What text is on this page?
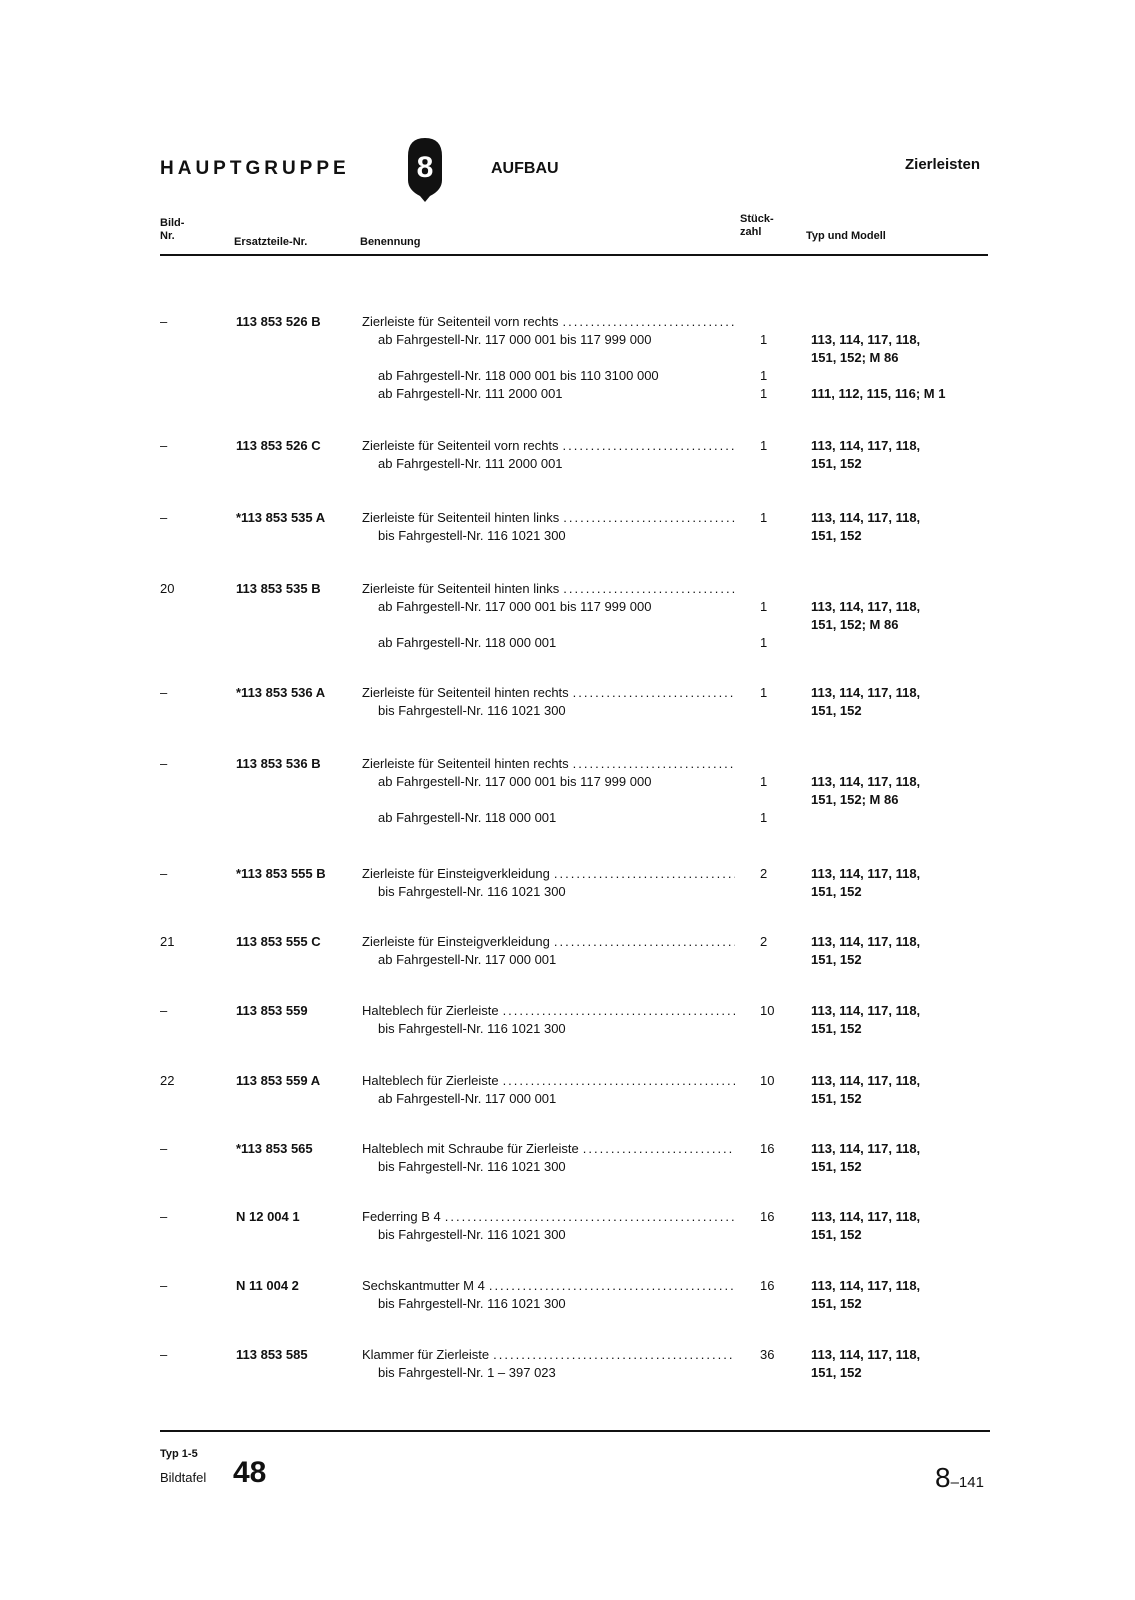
HAUPTGRUPPE 8	AUFBAU	Zierleisten
Bild-
Nr.	Ersatzteile-Nr.	Benennung
Stück-
zahl	Typ und Modell
–	113 853 526 B	Zierleiste für Seitenteil vorn rechts
.....
ab Fahrgestell-Nr. 117 000 001 bis 117 999 000	1	113, 114, 117, 118,
151, 152; M 86
ab Fahrgestell-Nr. 118 000 001 bis 110 3100 000	1
ab Fahrgestell-Nr. 111 2000 001	1	111, 112, 115, 116; M 1
–	113 853 526 C	Zierleiste für Seitenteil vorn rechts .....	1	113, 114, 117, 118,
151, 152
ab Fahrgestell-Nr. 111 2000 001
–	*113 853 535 A	Zierleiste für Seitenteil hinten links .....	1	113, 114, 117, 118,
151, 152
bis Fahrgestell-Nr. 116 1021 300
20	113 853 535 B	Zierleiste für Seitenteil hinten links
.....
ab Fahrgestell-Nr. 117 000 001 bis 117 999 000	1	113, 114, 117, 118,
151, 152; M 86
ab Fahrgestell-Nr. 118 000 001	1
–	*113 853 536 A	Zierleiste für Seitenteil hinten rechts .....	1	113, 114, 117, 118,
151, 152
bis Fahrgestell-Nr. 116 1021 300
–	113 853 536 B	Zierleiste für Seitenteil hinten rechts
.....
ab Fahrgestell-Nr. 117 000 001 bis 117 999 000	1	113, 114, 117, 118,
151, 152; M 86
ab Fahrgestell-Nr. 118 000 001	1
–	*113 853 555 B	Zierleiste für Einsteigverkleidung .....	2	113, 114, 117, 118,
151, 152
bis Fahrgestell-Nr. 116 1021 300
21	113 853 555 C	Zierleiste für Einsteigverkleidung .....	2	113, 114, 117, 118,
151, 152
ab Fahrgestell-Nr. 117 000 001
–	113 853 559	Halteblech für Zierleiste .....	10	113, 114, 117, 118,
151, 152
bis Fahrgestell-Nr. 116 1021 300
22	113 853 559 A	Halteblech für Zierleiste .....	10	113, 114, 117, 118,
151, 152
ab Fahrgestell-Nr. 117 000 001
–	*113 853 565	Halteblech mit Schraube für Zierleiste .....	16	113, 114, 117, 118,
151, 152
bis Fahrgestell-Nr. 116 1021 300
–	N 12 004 1	Federring B 4 .....	16	113, 114, 117, 118,
151, 152
bis Fahrgestell-Nr. 116 1021 300
–	N 11 004 2	Sechskantmutter M 4 .....	16	113, 114, 117, 118,
151, 152
bis Fahrgestell-Nr. 116 1021 300
–	113 853 585	Klammer für Zierleiste .....	36	113, 114, 117, 118,
151, 152
bis Fahrgestell-Nr. 1 – 397 023
Typ 1-5
Bildtafel 48	8–141
